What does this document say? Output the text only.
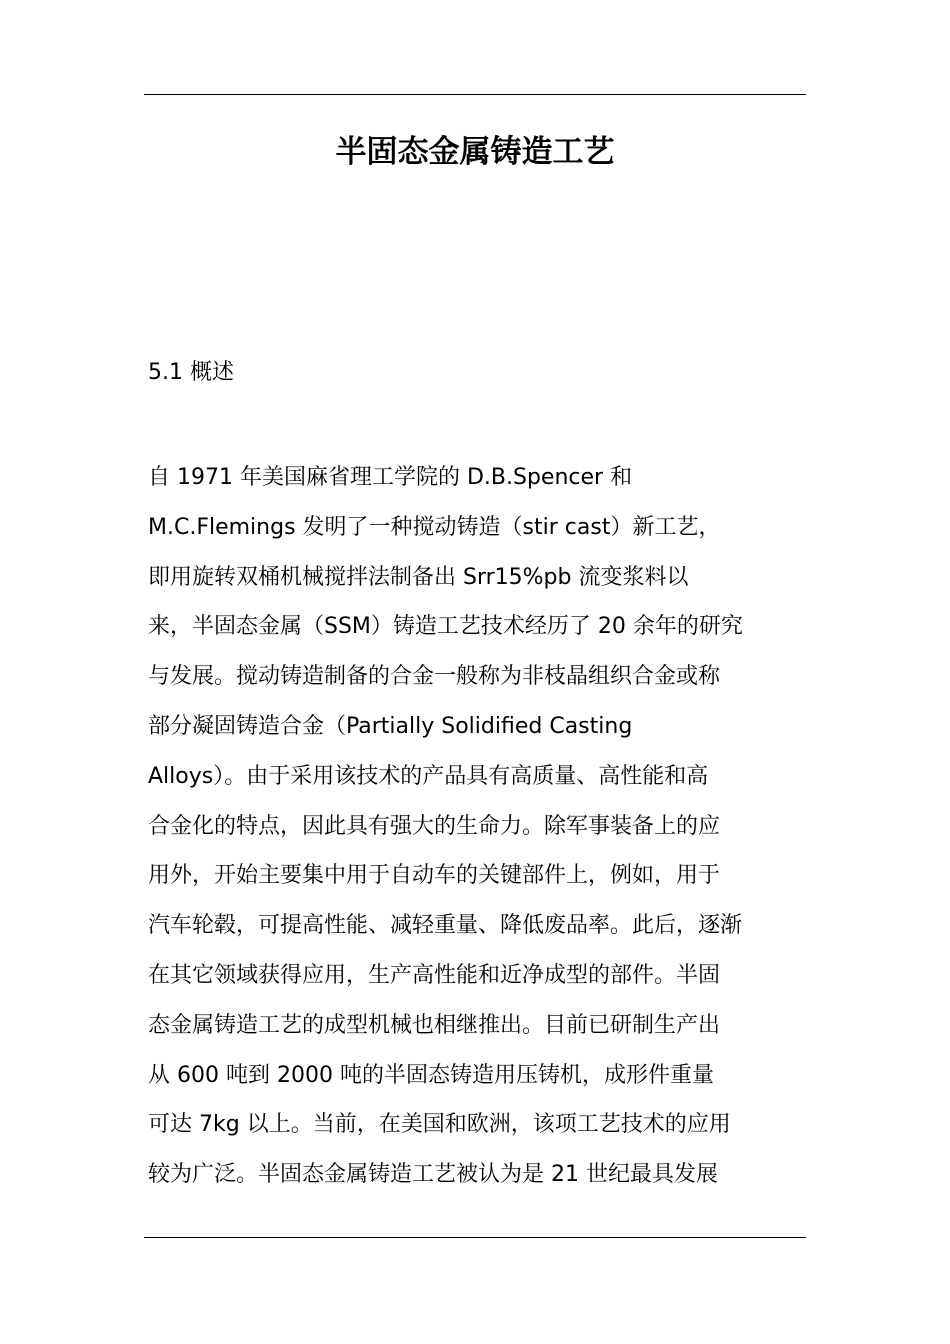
半固态金属铸造工艺

5.1 概述

自 1971 年美国麻省理工学院的 D.B.Spencer 和
M.C.Flemings 发明了一种搅动铸造（stir cast）新工艺，
即用旋转双桶机械搅拌法制备出 Srr15%pb 流变浆料以
来，半固态金属（SSM）铸造工艺技术经历了 20 余年的研究
与发展。搅动铸造制备的合金一般称为非枝晶组织合金或称
部分凝固铸造合金（Partially Solidified Casting
Alloys）。由于采用该技术的产品具有高质量、高性能和高
合金化的特点，因此具有强大的生命力。除军事装备上的应
用外，开始主要集中用于自动车的关键部件上，例如，用于
汽车轮毂，可提高性能、减轻重量、降低废品率。此后，逐渐
在其它领域获得应用，生产高性能和近净成型的部件。半固
态金属铸造工艺的成型机械也相继推出。目前已研制生产出
从 600 吨到 2000 吨的半固态铸造用压铸机，成形件重量
可达 7kg 以上。当前，在美国和欧洲，该项工艺技术的应用
较为广泛。半固态金属铸造工艺被认为是 21 世纪最具发展
